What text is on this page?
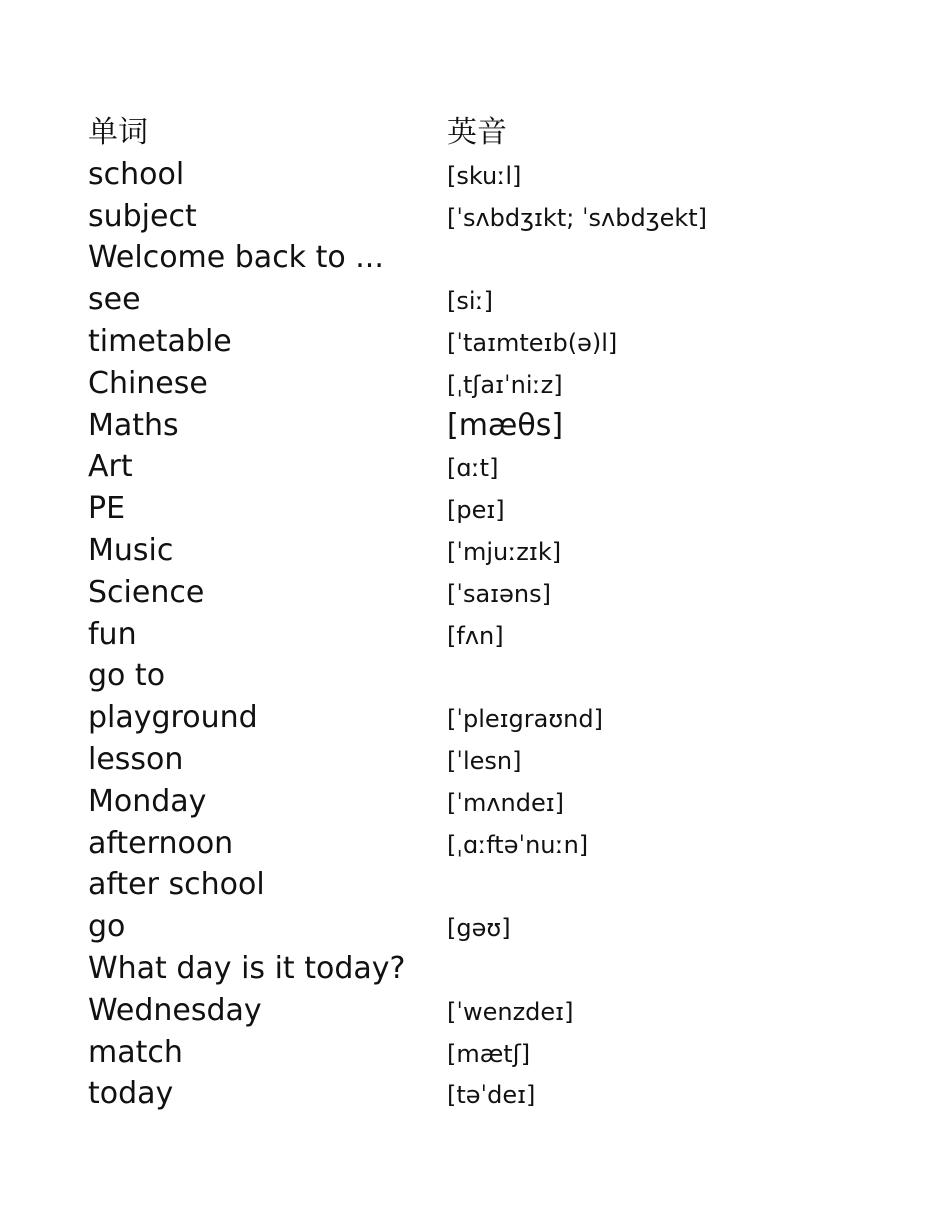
单词	英音
school	[skuːl]
subject	[ˈsʌbdʒɪkt; ˈsʌbdʒekt]
Welcome back to ...
see	[siː]
timetable	[ˈtaɪmteɪb(ə)l]
Chinese	[ˌtʃaɪˈniːz]
Maths	[mæθs]
Art	[ɑːt]
PE	[peɪ]
Music	[ˈmjuːzɪk]
Science	[ˈsaɪəns]
fun	[fʌn]
go to
playground	[ˈpleɪgraʊnd]
lesson	[ˈlesn]
Monday	[ˈmʌndeɪ]
afternoon	[ˌɑːftəˈnuːn]
after school
go	[gəʊ]
What day is it today?
Wednesday	[ˈwenzdeɪ]
match	[mætʃ]
today	[təˈdeɪ]
